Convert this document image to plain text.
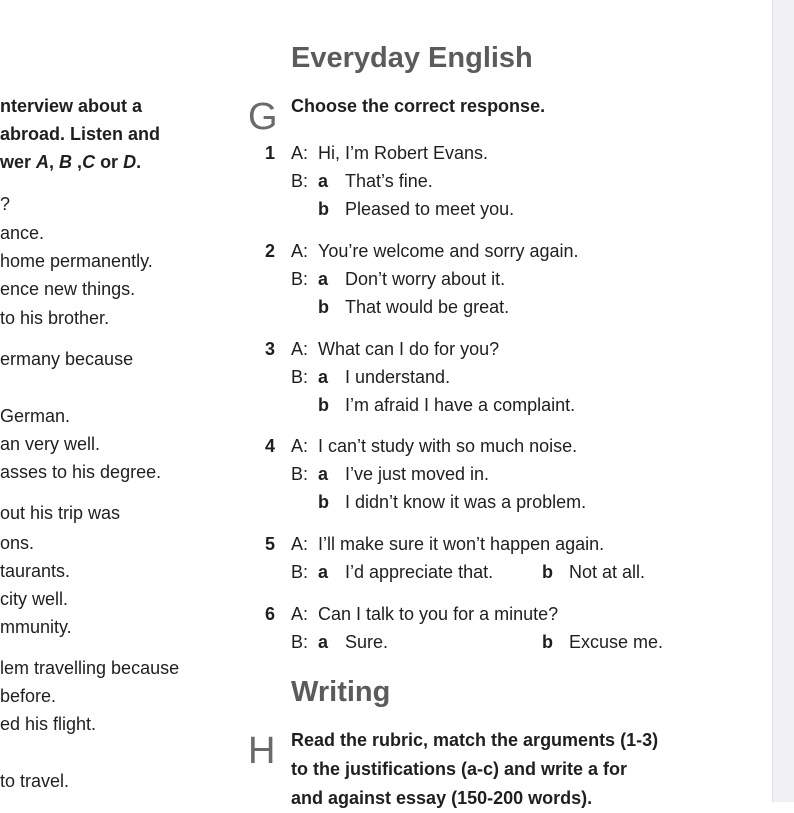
nterview about a
abroad. Listen and
wer A, B ,C or D.
?
ance.
home permanently.
ence new things.
to his brother.
ermany because
German.
an very well.
asses to his degree.
out his trip was
ons.
taurants.
city well.
mmunity.
lem travelling because
before.
ed his flight.
to travel.
Everyday English
G Choose the correct response.
1 A: Hi, I’m Robert Evans.
B: a That’s fine.
b Pleased to meet you.
2 A: You’re welcome and sorry again.
B: a Don’t worry about it.
b That would be great.
3 A: What can I do for you?
B: a I understand.
b I’m afraid I have a complaint.
4 A: I can’t study with so much noise.
B: a I’ve just moved in.
b I didn’t know it was a problem.
5 A: I’ll make sure it won’t happen again.
B: a I’d appreciate that.	b Not at all.
6 A: Can I talk to you for a minute?
B: a Sure.	b Excuse me.
Writing
H Read the rubric, match the arguments (1-3)
to the justifications (a-c) and write a for
and against essay (150-200 words).
